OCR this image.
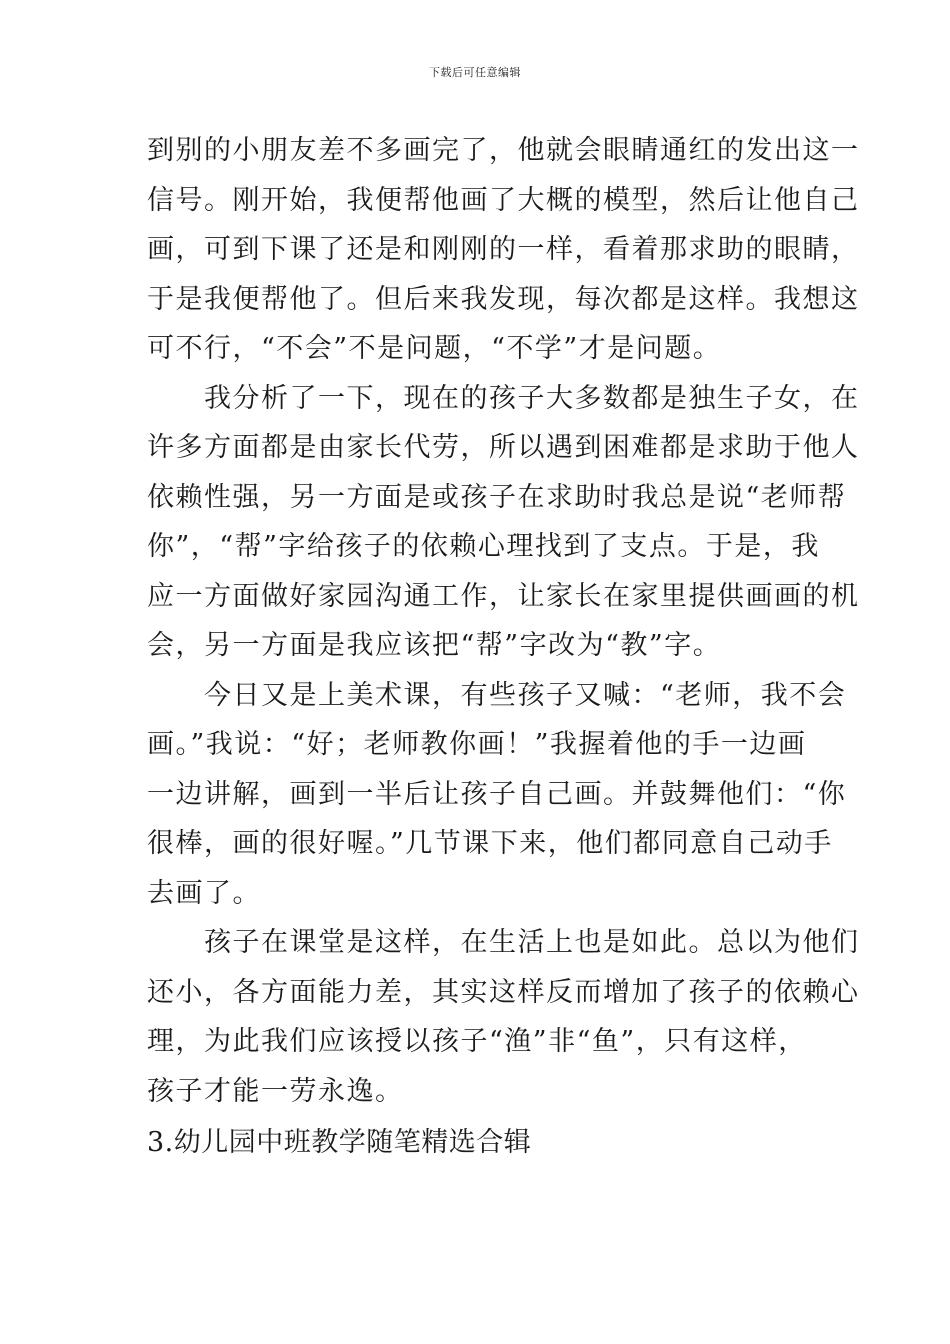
下载后可任意编辑
到别的小朋友差不多画完了，他就会眼睛通红的发出这一
信号。刚开始，我便帮他画了大概的模型，然后让他自己
画，可到下课了还是和刚刚的一样，看着那求助的眼睛，
于是我便帮他了。但后来我发现，每次都是这样。我想这
可不行，“不会”不是问题，“不学”才是问题。
　　我分析了一下，现在的孩子大多数都是独生子女，在
许多方面都是由家长代劳，所以遇到困难都是求助于他人
依赖性强，另一方面是或孩子在求助时我总是说“老师帮
你”，“帮”字给孩子的依赖心理找到了支点。于是，我
应一方面做好家园沟通工作，让家长在家里提供画画的机
会，另一方面是我应该把“帮”字改为“教”字。
　　今日又是上美术课，有些孩子又喊：“老师，我不会
画。”我说：“好；老师教你画！”我握着他的手一边画
一边讲解，画到一半后让孩子自己画。并鼓舞他们：“你
很棒，画的很好喔。”几节课下来，他们都同意自己动手
去画了。
　　孩子在课堂是这样，在生活上也是如此。总以为他们
还小，各方面能力差，其实这样反而增加了孩子的依赖心
理，为此我们应该授以孩子“渔”非“鱼”，只有这样，
孩子才能一劳永逸。
3.幼儿园中班教学随笔精选合辑
